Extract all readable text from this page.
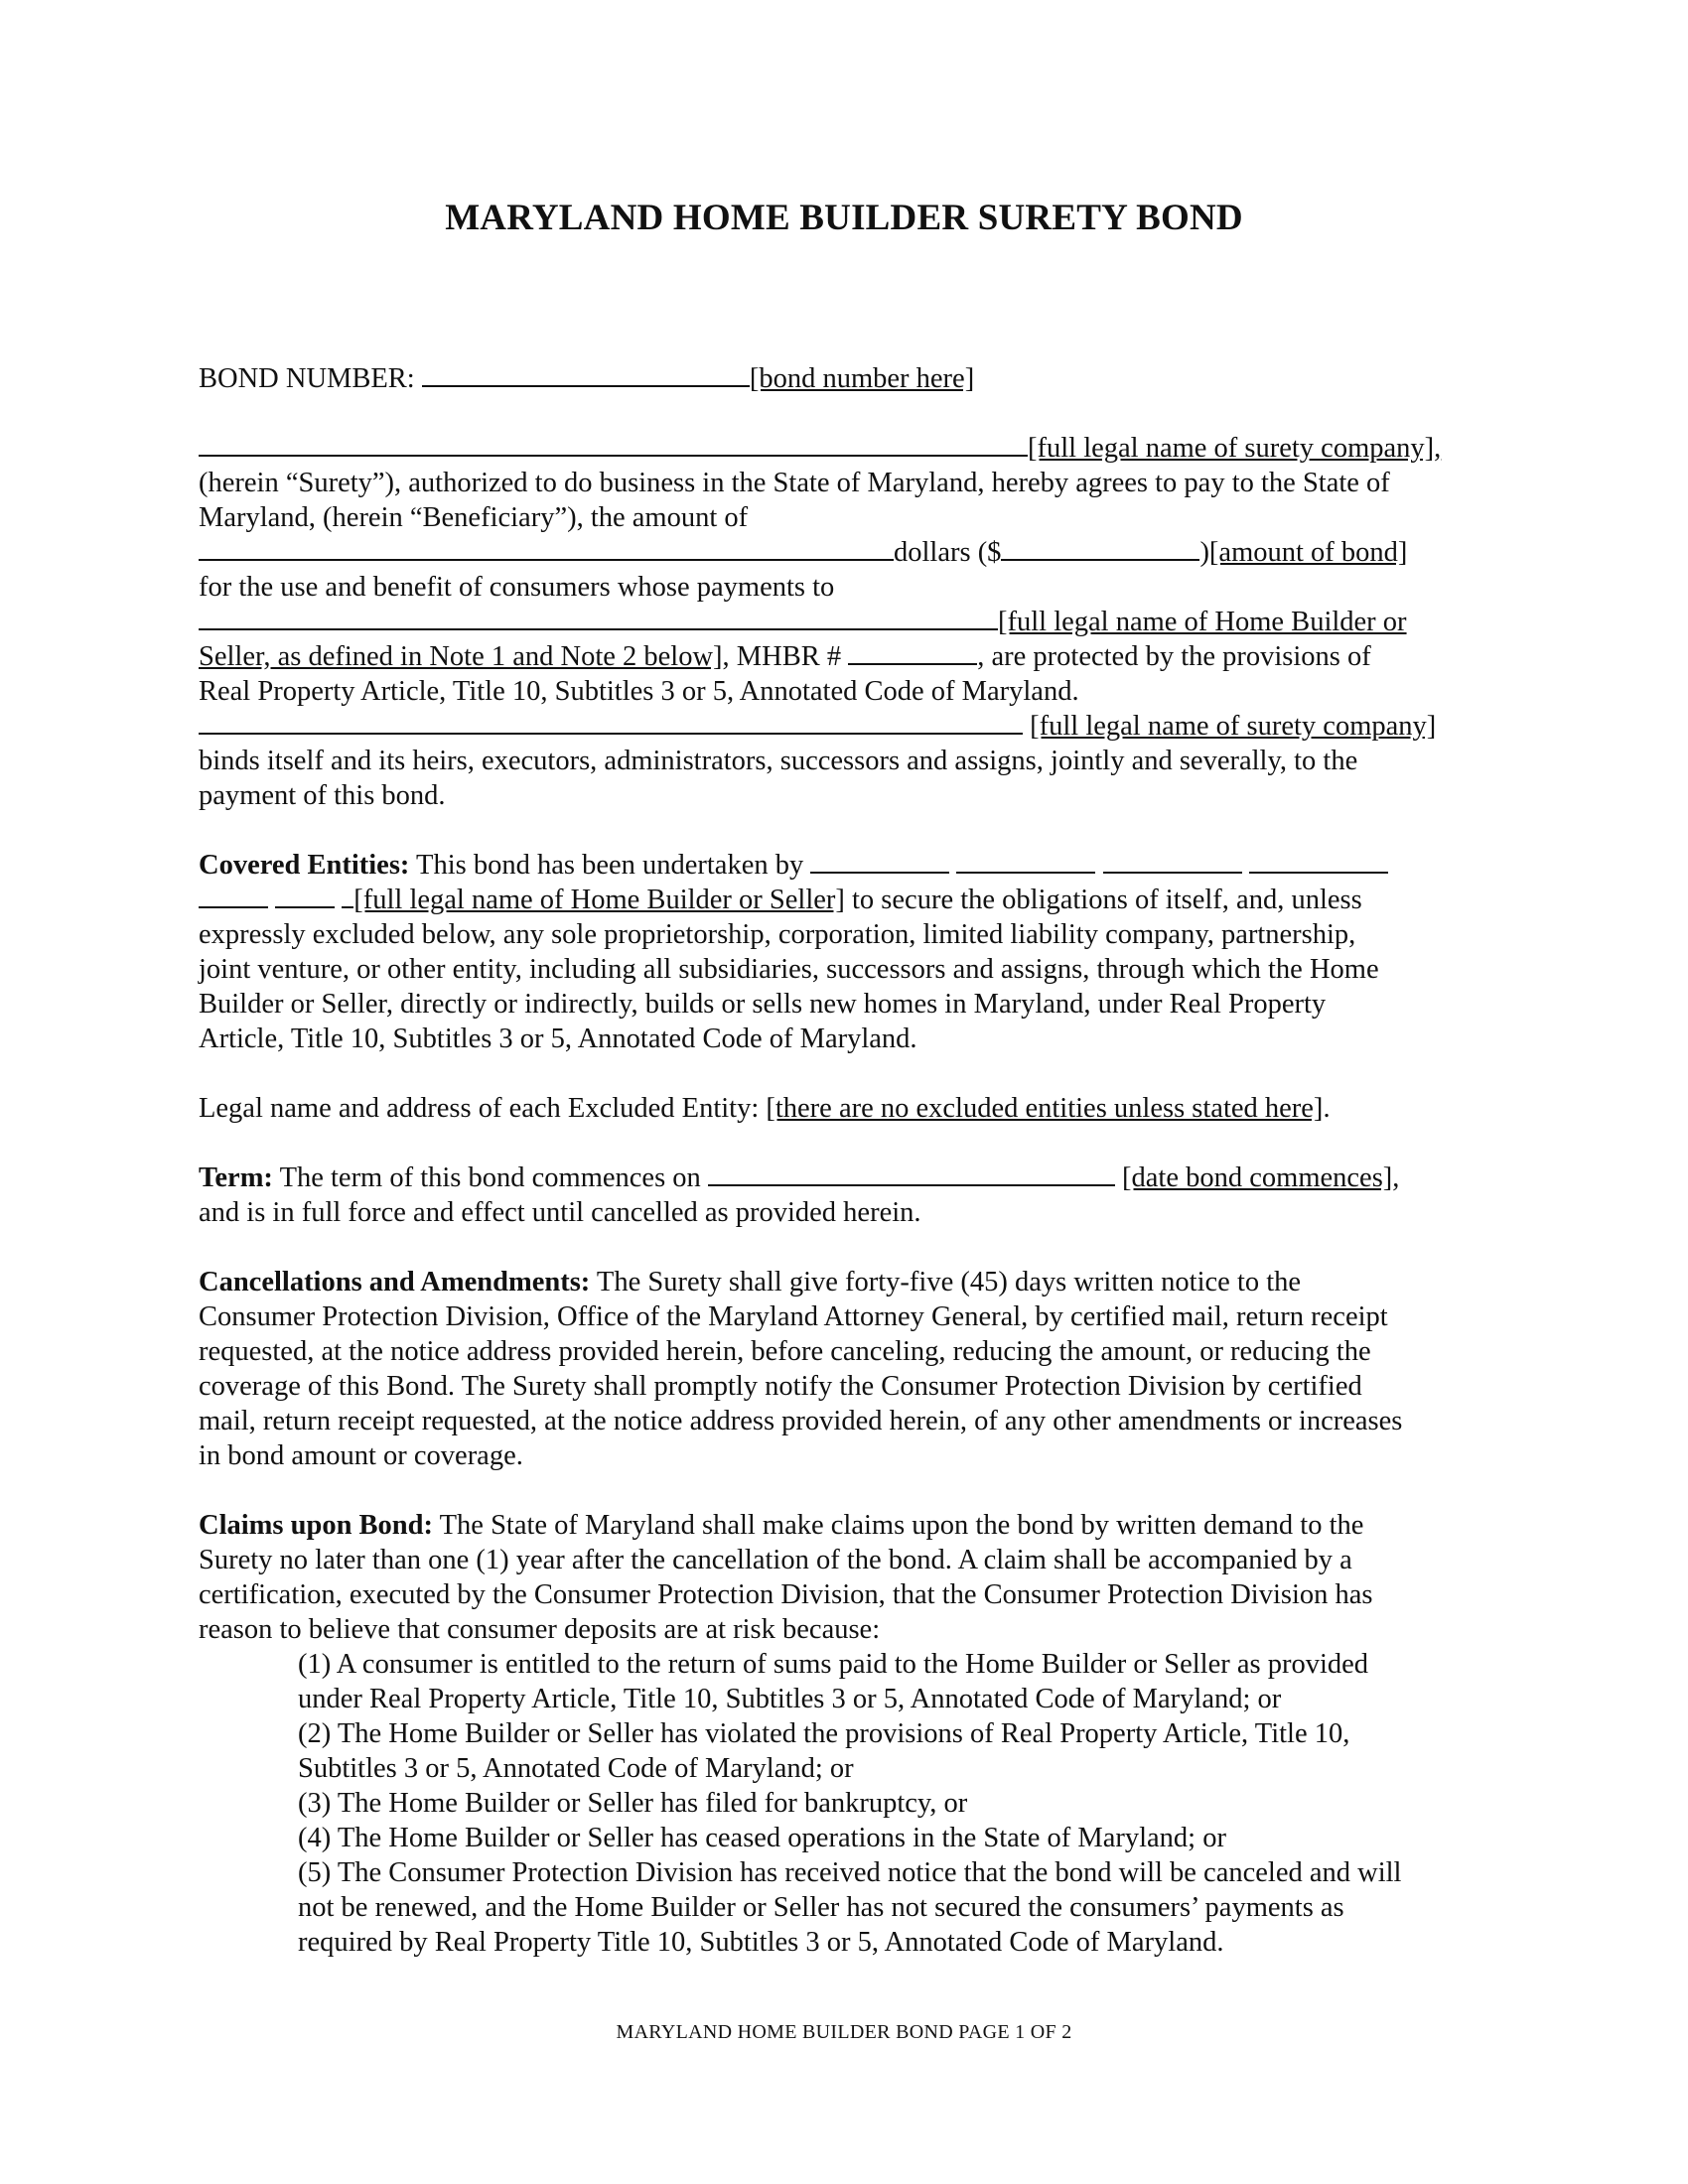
MARYLAND HOME BUILDER SURETY BOND
BOND NUMBER:	[bond number here]
[full legal name of surety company],
(herein “Surety”), authorized to do business in the State of Maryland, hereby agrees to pay to the State of
Maryland, (herein “Beneficiary”), the amount of
dollars ($	)[amount of bond]
for the use and benefit of consumers whose payments to
[full legal name of Home Builder or
Seller, as defined in Note 1 and Note 2 below], MHBR #	, are protected by the provisions of
Real Property Article, Title 10, Subtitles 3 or 5, Annotated Code of Maryland.
[full legal name of surety company]
binds itself and its heirs, executors, administrators, successors and assigns, jointly and severally, to the
payment of this bond.
Covered Entities: This bond has been undertaken by
[full legal name of Home Builder or Seller] to secure the obligations of itself, and, unless
expressly excluded below, any sole proprietorship, corporation, limited liability company, partnership,
joint venture, or other entity, including all subsidiaries, successors and assigns, through which the Home
Builder or Seller, directly or indirectly, builds or sells new homes in Maryland, under Real Property
Article, Title 10, Subtitles 3 or 5, Annotated Code of Maryland.
Legal name and address of each Excluded Entity: [there are no excluded entities unless stated here].
Term: The term of this bond commences on	[date bond commences],
and is in full force and effect until cancelled as provided herein.
Cancellations and Amendments: The Surety shall give forty-five (45) days written notice to the
Consumer Protection Division, Office of the Maryland Attorney General, by certified mail, return receipt
requested, at the notice address provided herein, before canceling, reducing the amount, or reducing the
coverage of this Bond. The Surety shall promptly notify the Consumer Protection Division by certified
mail, return receipt requested, at the notice address provided herein, of any other amendments or increases
in bond amount or coverage.
Claims upon Bond: The State of Maryland shall make claims upon the bond by written demand to the
Surety no later than one (1) year after the cancellation of the bond. A claim shall be accompanied by a
certification, executed by the Consumer Protection Division, that the Consumer Protection Division has
reason to believe that consumer deposits are at risk because:
(1) A consumer is entitled to the return of sums paid to the Home Builder or Seller as provided
under Real Property Article, Title 10, Subtitles 3 or 5, Annotated Code of Maryland; or
(2) The Home Builder or Seller has violated the provisions of Real Property Article, Title 10,
Subtitles 3 or 5, Annotated Code of Maryland; or
(3) The Home Builder or Seller has filed for bankruptcy, or
(4) The Home Builder or Seller has ceased operations in the State of Maryland; or
(5) The Consumer Protection Division has received notice that the bond will be canceled and will
not be renewed, and the Home Builder or Seller has not secured the consumers’ payments as
required by Real Property Title 10, Subtitles 3 or 5, Annotated Code of Maryland.
MARYLAND HOME BUILDER BOND PAGE 1 OF 2
